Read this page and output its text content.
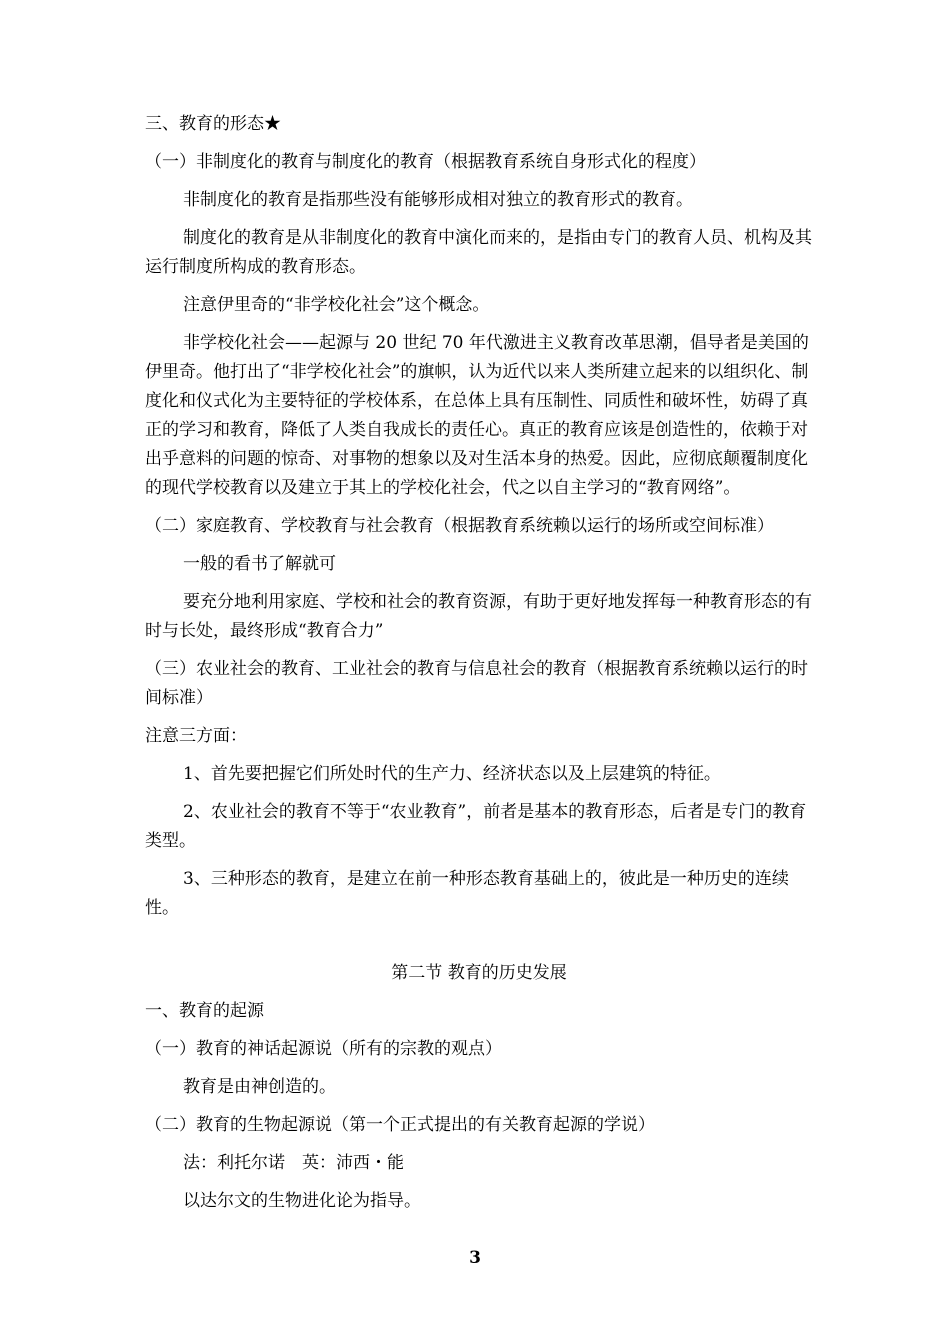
三、教育的形态★

（一）非制度化的教育与制度化的教育（根据教育系统自身形式化的程度）

非制度化的教育是指那些没有能够形成相对独立的教育形式的教育。

制度化的教育是从非制度化的教育中演化而来的，是指由专门的教育人员、机构及其运行制度所构成的教育形态。

注意伊里奇的“非学校化社会”这个概念。

非学校化社会——起源与 20 世纪 70 年代激进主义教育改革思潮，倡导者是美国的伊里奇。他打出了“非学校化社会”的旗帜，认为近代以来人类所建立起来的以组织化、制度化和仪式化为主要特征的学校体系，在总体上具有压制性、同质性和破坏性，妨碍了真正的学习和教育，降低了人类自我成长的责任心。真正的教育应该是创造性的，依赖于对出乎意料的问题的惊奇、对事物的想象以及对生活本身的热爱。因此，应彻底颠覆制度化的现代学校教育以及建立于其上的学校化社会，代之以自主学习的“教育网络”。

（二）家庭教育、学校教育与社会教育（根据教育系统赖以运行的场所或空间标准）

一般的看书了解就可

要充分地利用家庭、学校和社会的教育资源，有助于更好地发挥每一种教育形态的有时与长处，最终形成“教育合力”

（三）农业社会的教育、工业社会的教育与信息社会的教育（根据教育系统赖以运行的时间标准）

注意三方面：

1、首先要把握它们所处时代的生产力、经济状态以及上层建筑的特征。

2、农业社会的教育不等于“农业教育”，前者是基本的教育形态，后者是专门的教育类型。

3、三种形态的教育，是建立在前一种形态教育基础上的，彼此是一种历史的连续性。

第二节 教育的历史发展

一、教育的起源

（一）教育的神话起源说（所有的宗教的观点）

教育是由神创造的。

（二）教育的生物起源说（第一个正式提出的有关教育起源的学说）

法：利托尔诺　英：沛西・能

以达尔文的生物进化论为指导。

3
